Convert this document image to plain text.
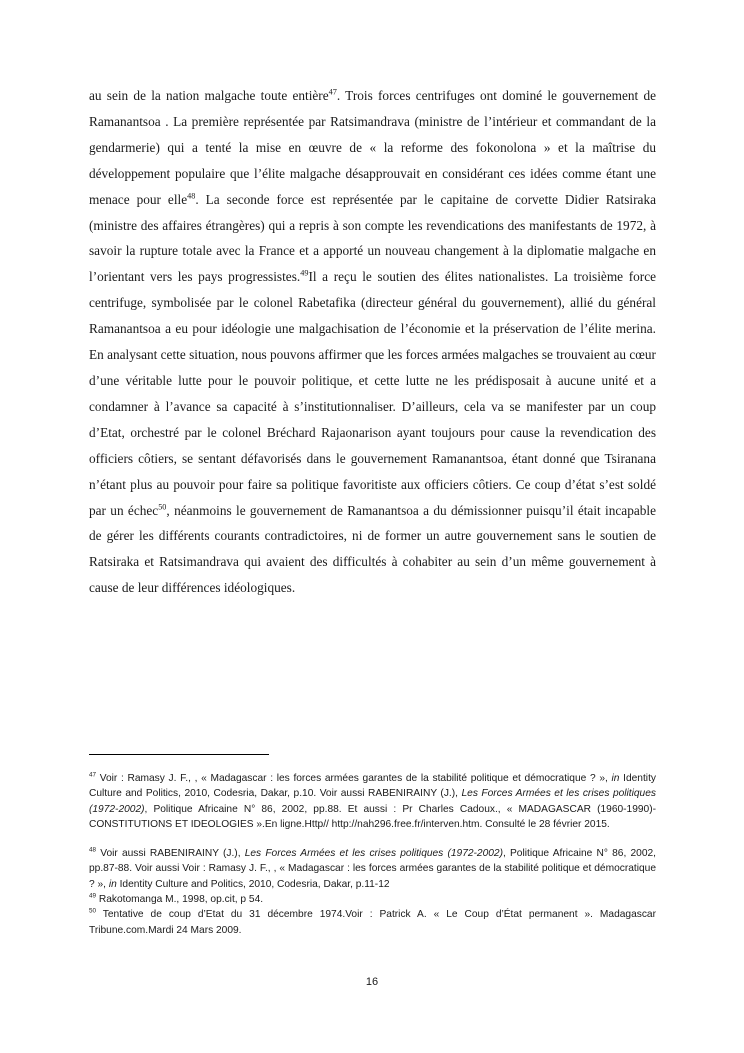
au sein de la nation malgache toute entière$^{47}$. Trois forces centrifuges ont dominé le gouvernement de Ramanantsoa . La première représentée par Ratsimandrava (ministre de l’intérieur et commandant de la gendarmerie) qui a tenté la mise en œuvre de « la reforme des fokonolona » et la maîtrise du développement populaire que l’élite malgache désapprouvait en considérant ces idées comme étant une menace pour elle$^{48}$. La seconde force est représentée par le capitaine de corvette Didier Ratsiraka (ministre des affaires étrangères) qui a repris à son compte les revendications des manifestants de 1972, à savoir la rupture totale avec la France et a apporté un nouveau changement à la diplomatie malgache en l’orientant vers les pays progressistes.$^{49}$Il a reçu le soutien des élites nationalistes. La troisième force centrifuge, symbolisée par le colonel Rabetafika (directeur général du gouvernement), allié du général Ramanantsoa a eu pour idéologie une malgachisation de l’économie et la préservation de l’élite merina. En analysant cette situation, nous pouvons affirmer que les forces armées malgaches se trouvaient au cœur d’une véritable lutte pour le pouvoir politique, et cette lutte ne les prédisposait à aucune unité et a condamner à l’avance sa capacité à s’institutionnaliser. D’ailleurs, cela va se manifester par un coup d’Etat, orchestré par le colonel Bréchard Rajaonarison ayant toujours pour cause la revendication des officiers côtiers, se sentant défavorisés dans le gouvernement Ramanantsoa, étant donné que Tsiranana n’étant plus au pouvoir pour faire sa politique favoritiste aux officiers côtiers. Ce coup d’état s’est soldé par un échec$^{50}$, néanmoins le gouvernement de Ramanantsoa a du démissionner puisqu’il était incapable de gérer les différents courants contradictoires, ni de former un autre gouvernement sans le soutien de Ratsiraka et Ratsimandrava qui avaient des difficultés à cohabiter au sein d’un même gouvernement à cause de leur différences idéologiques.

$^{47}$ Voir : Ramasy J. F., , « Madagascar : les forces armées garantes de la stabilité politique et démocratique ? », in Identity Culture and Politics, 2010, Codesria, Dakar, p.10. Voir aussi RABENIRAINY (J.), Les Forces Armées et les crises politiques (1972-2002), Politique Africaine N° 86, 2002, pp.88. Et aussi : Pr Charles Cadoux., « MADAGASCAR (1960-1990)-CONSTITUTIONS ET IDEOLOGIES ».En ligne.Http// http://nah296.free.fr/interven.htm. Consulté le 28 février 2015.

$^{48}$ Voir aussi RABENIRAINY (J.), Les Forces Armées et les crises politiques (1972-2002), Politique Africaine N° 86, 2002, pp.87-88. Voir aussi Voir : Ramasy J. F., , « Madagascar : les forces armées garantes de la stabilité politique et démocratique ? », in Identity Culture and Politics, 2010, Codesria, Dakar, p.11-12

$^{49}$ Rakotomanga M., 1998, op.cit, p 54.

$^{50}$ Tentative de coup d’Etat du 31 décembre 1974.Voir : Patrick A. « Le Coup d’État permanent ». Madagascar Tribune.com.Mardi 24 Mars 2009.

16
